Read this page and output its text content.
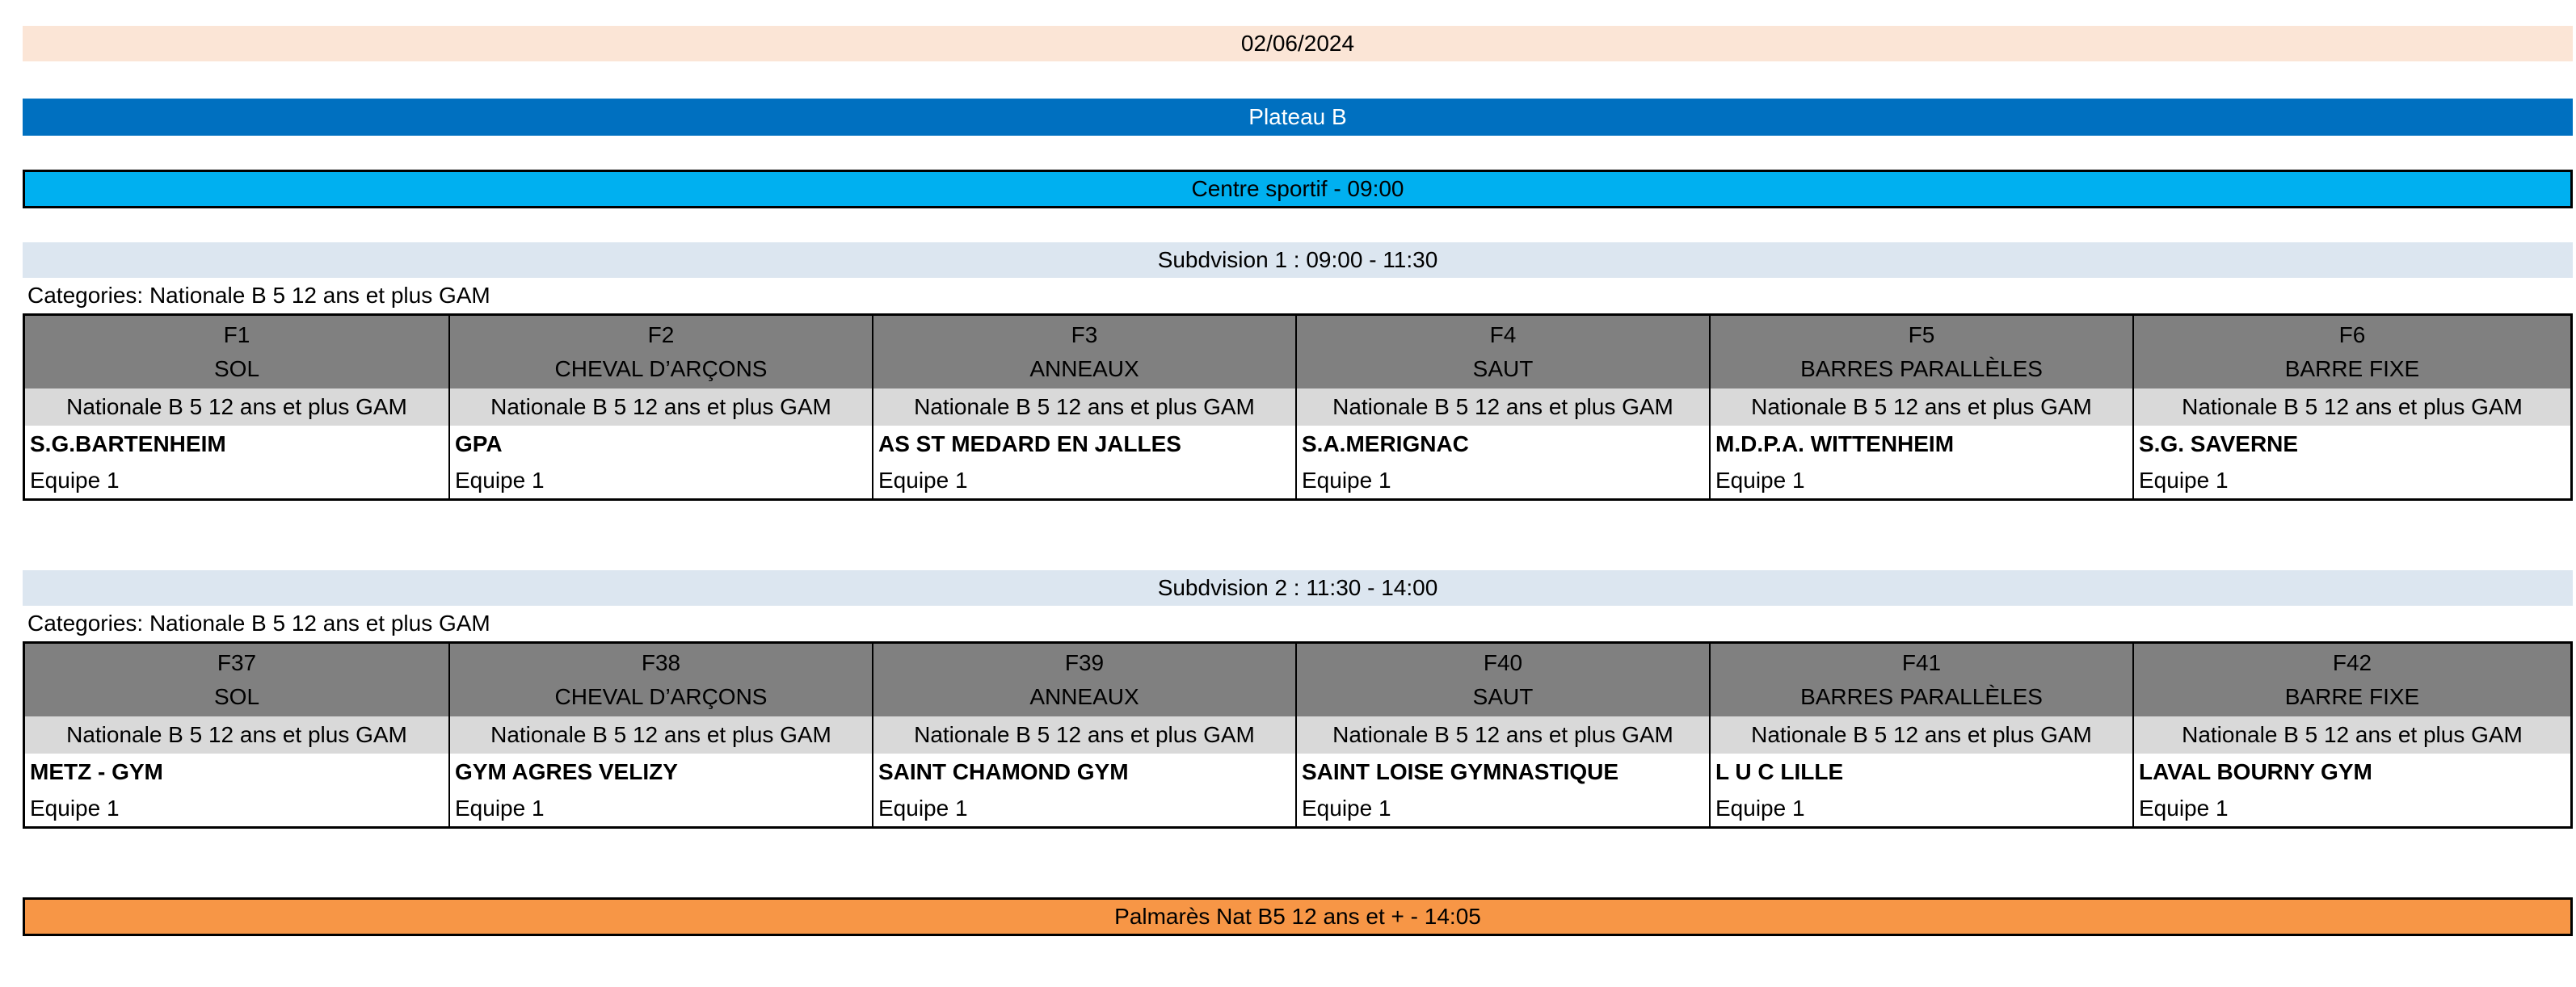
02/06/2024
Plateau B
Centre sportif - 09:00
Subdvision 1 : 09:00 - 11:30
Categories: Nationale B 5 12 ans et plus GAM
F1
SOL
Nationale B 5 12 ans et plus GAM
S.G.BARTENHEIM
Equipe 1
F2
CHEVAL D’ARÇONS
Nationale B 5 12 ans et plus GAM
GPA
Equipe 1
F3
ANNEAUX
Nationale B 5 12 ans et plus GAM
AS ST MEDARD EN JALLES
Equipe 1
F4
SAUT
Nationale B 5 12 ans et plus GAM
S.A.MERIGNAC
Equipe 1
F5
BARRES PARALLÈLES
Nationale B 5 12 ans et plus GAM
M.D.P.A. WITTENHEIM
Equipe 1
F6
BARRE FIXE
Nationale B 5 12 ans et plus GAM
S.G. SAVERNE
Equipe 1
Subdvision 2 : 11:30 - 14:00
Categories: Nationale B 5 12 ans et plus GAM
F37
SOL
Nationale B 5 12 ans et plus GAM
METZ - GYM
Equipe 1
F38
CHEVAL D’ARÇONS
Nationale B 5 12 ans et plus GAM
GYM AGRES VELIZY
Equipe 1
F39
ANNEAUX
Nationale B 5 12 ans et plus GAM
SAINT CHAMOND GYM
Equipe 1
F40
SAUT
Nationale B 5 12 ans et plus GAM
SAINT LOISE GYMNASTIQUE
Equipe 1
F41
BARRES PARALLÈLES
Nationale B 5 12 ans et plus GAM
L U C LILLE
Equipe 1
F42
BARRE FIXE
Nationale B 5 12 ans et plus GAM
LAVAL BOURNY GYM
Equipe 1
Palmarès Nat B5 12 ans et + - 14:05
